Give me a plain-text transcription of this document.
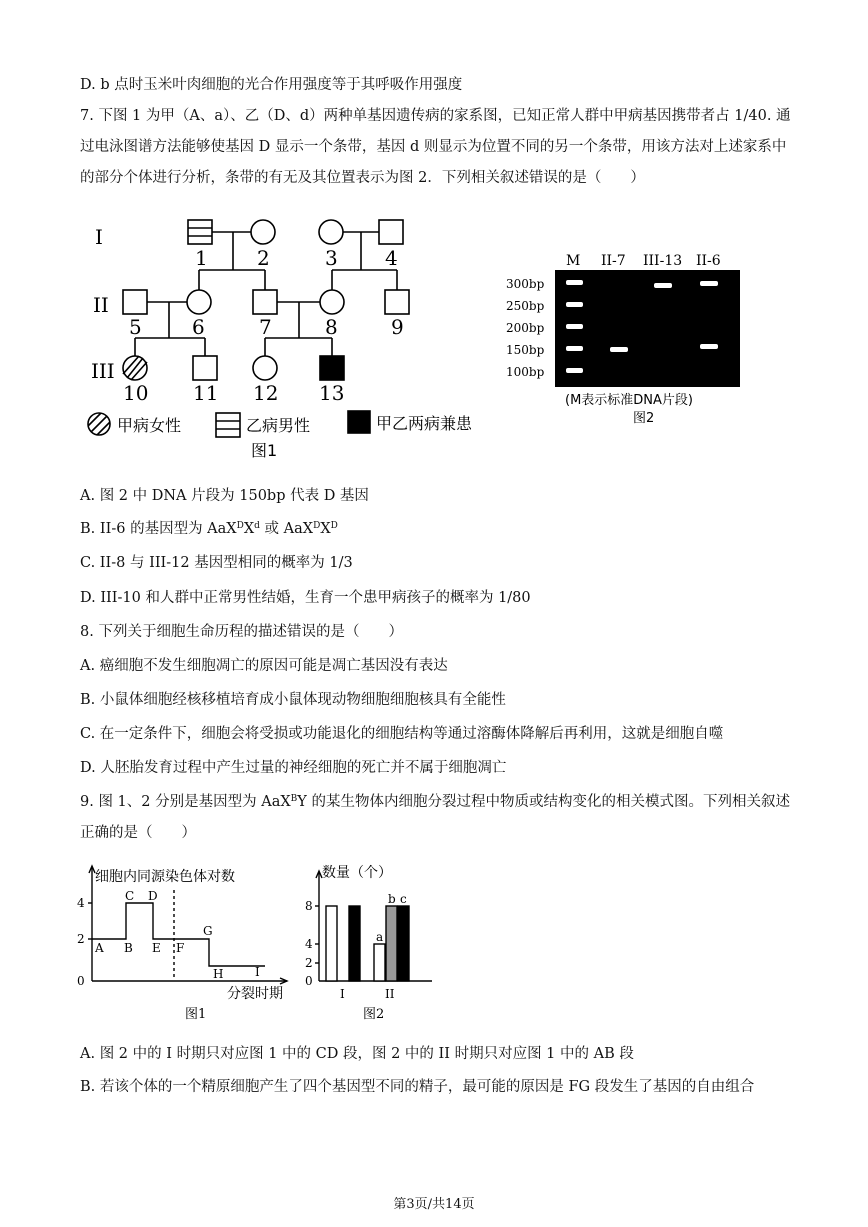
D. b 点时玉米叶肉细胞的光合作用强度等于其呼吸作用强度
7. 下图 1 为甲（A、a）、乙（D、d）两种单基因遗传病的家系图，已知正常人群中甲病基因携带者占 1/40. 通过电泳图谱方法能够使基因 D 显示一个条带，基因 d 则显示为位置不同的另一个条带，用该方法对上述家系中的部分个体进行分析，条带的有无及其位置表示为图 2．下列相关叙述错误的是（　　）
I
II
III
1 2	3 4
5	6	7	8	9
10 11 12 13
甲病女性	乙病男性	甲乙两病兼患
图1
M II-7 III-13 II-6
300bp
250bp
200bp
150bp
100bp
(M表示标准DNA片段)
图2
A. 图 2 中 DNA 片段为 150bp 代表 D 基因
B. II-6 的基因型为 $AaX^DX^d$ 或 $AaX^DX^D$
C. II-8 与 III-12 基因型相同的概率为 1/3
D. III-10 和人群中正常男性结婚，生育一个患甲病孩子的概率为 1/80
8. 下列关于细胞生命历程的描述错误的是（　　）
A. 癌细胞不发生细胞凋亡的原因可能是凋亡基因没有表达
B. 小鼠体细胞经核移植培育成小鼠体现动物细胞细胞核具有全能性
C. 在一定条件下，细胞会将受损或功能退化的细胞结构等通过溶酶体降解后再利用，这就是细胞自噬
D. 人胚胎发育过程中产生过量的神经细胞的死亡并不属于细胞凋亡
9. 图 1、2 分别是基因型为 AaX$^B$Y 的某生物体内细胞分裂过程中物质或结构变化的相关模式图。下列相关叙述正确的是（　　）
4
2
0
A B
C D
E F
G
H	I
细胞内同源染色体对数
分裂时期
图1
8
4
2
0
I	II
a
b c
数量（个）
图2
A. 图 2 中的 I 时期只对应图 1 中的 CD 段，图 2 中的 II 时期只对应图 1 中的 AB 段
B. 若该个体的一个精原细胞产生了四个基因型不同的精子，最可能的原因是 FG 段发生了基因的自由组合
第3页/共14页
